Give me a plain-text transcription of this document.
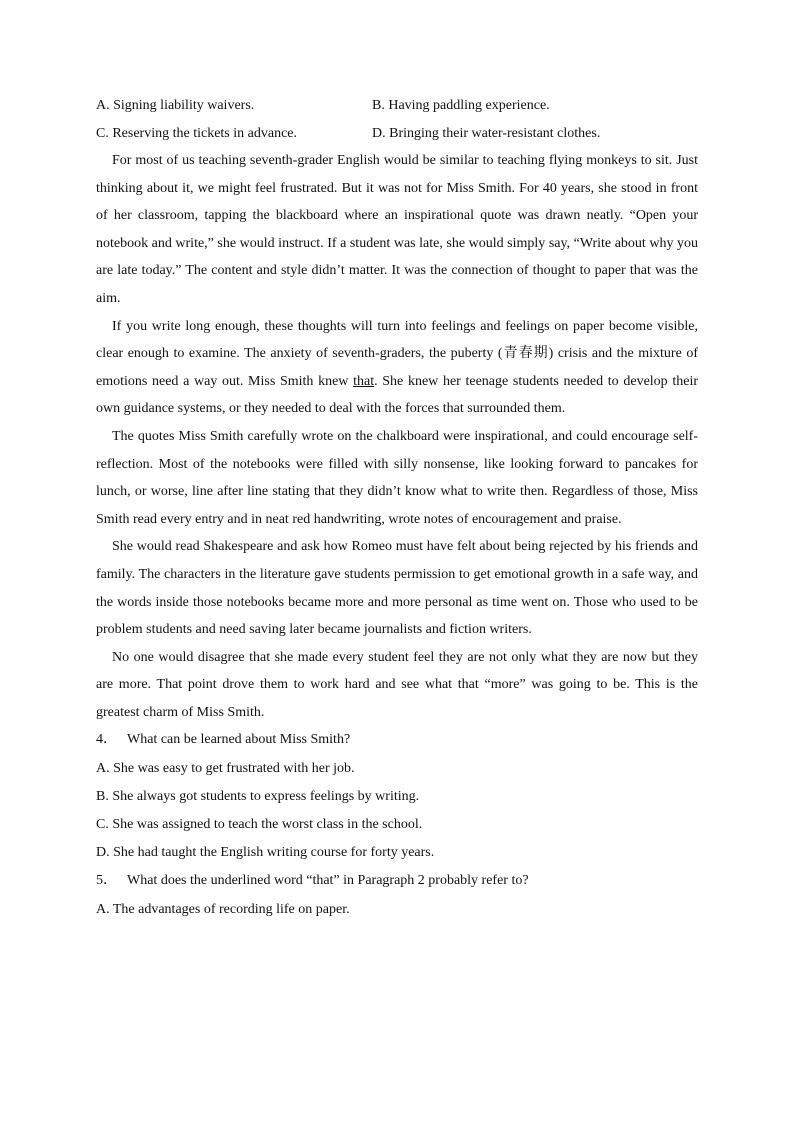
A. Signing liability waivers.	B. Having paddling experience.
C. Reserving the tickets in advance.	D. Bringing their water-resistant clothes.

For most of us teaching seventh-grader English would be similar to teaching flying monkeys to sit. Just thinking about it, we might feel frustrated. But it was not for Miss Smith. For 40 years, she stood in front of her classroom, tapping the blackboard where an inspirational quote was drawn neatly. “Open your notebook and write,” she would instruct. If a student was late, she would simply say, “Write about why you are late today.” The content and style didn’t matter. It was the connection of thought to paper that was the aim.

If you write long enough, these thoughts will turn into feelings and feelings on paper become visible, clear enough to examine. The anxiety of seventh-graders, the puberty (青春期) crisis and the mixture of emotions need a way out. Miss Smith knew that. She knew her teenage students needed to develop their own guidance systems, or they needed to deal with the forces that surrounded them.

The quotes Miss Smith carefully wrote on the chalkboard were inspirational, and could encourage self-reflection. Most of the notebooks were filled with silly nonsense, like looking forward to pancakes for lunch, or worse, line after line stating that they didn’t know what to write then. Regardless of those, Miss Smith read every entry and in neat red handwriting, wrote notes of encouragement and praise.

She would read Shakespeare and ask how Romeo must have felt about being rejected by his friends and family. The characters in the literature gave students permission to get emotional growth in a safe way, and the words inside those notebooks became more and more personal as time went on. Those who used to be problem students and need saving later became journalists and fiction writers.

No one would disagree that she made every student feel they are not only what they are now but they are more. That point drove them to work hard and see what that “more” was going to be. This is the greatest charm of Miss Smith.

4． What can be learned about Miss Smith?

A. She was easy to get frustrated with her job.

B. She always got students to express feelings by writing.

C. She was assigned to teach the worst class in the school.

D. She had taught the English writing course for forty years.

5． What does the underlined word “that” in Paragraph 2 probably refer to?

A. The advantages of recording life on paper.
